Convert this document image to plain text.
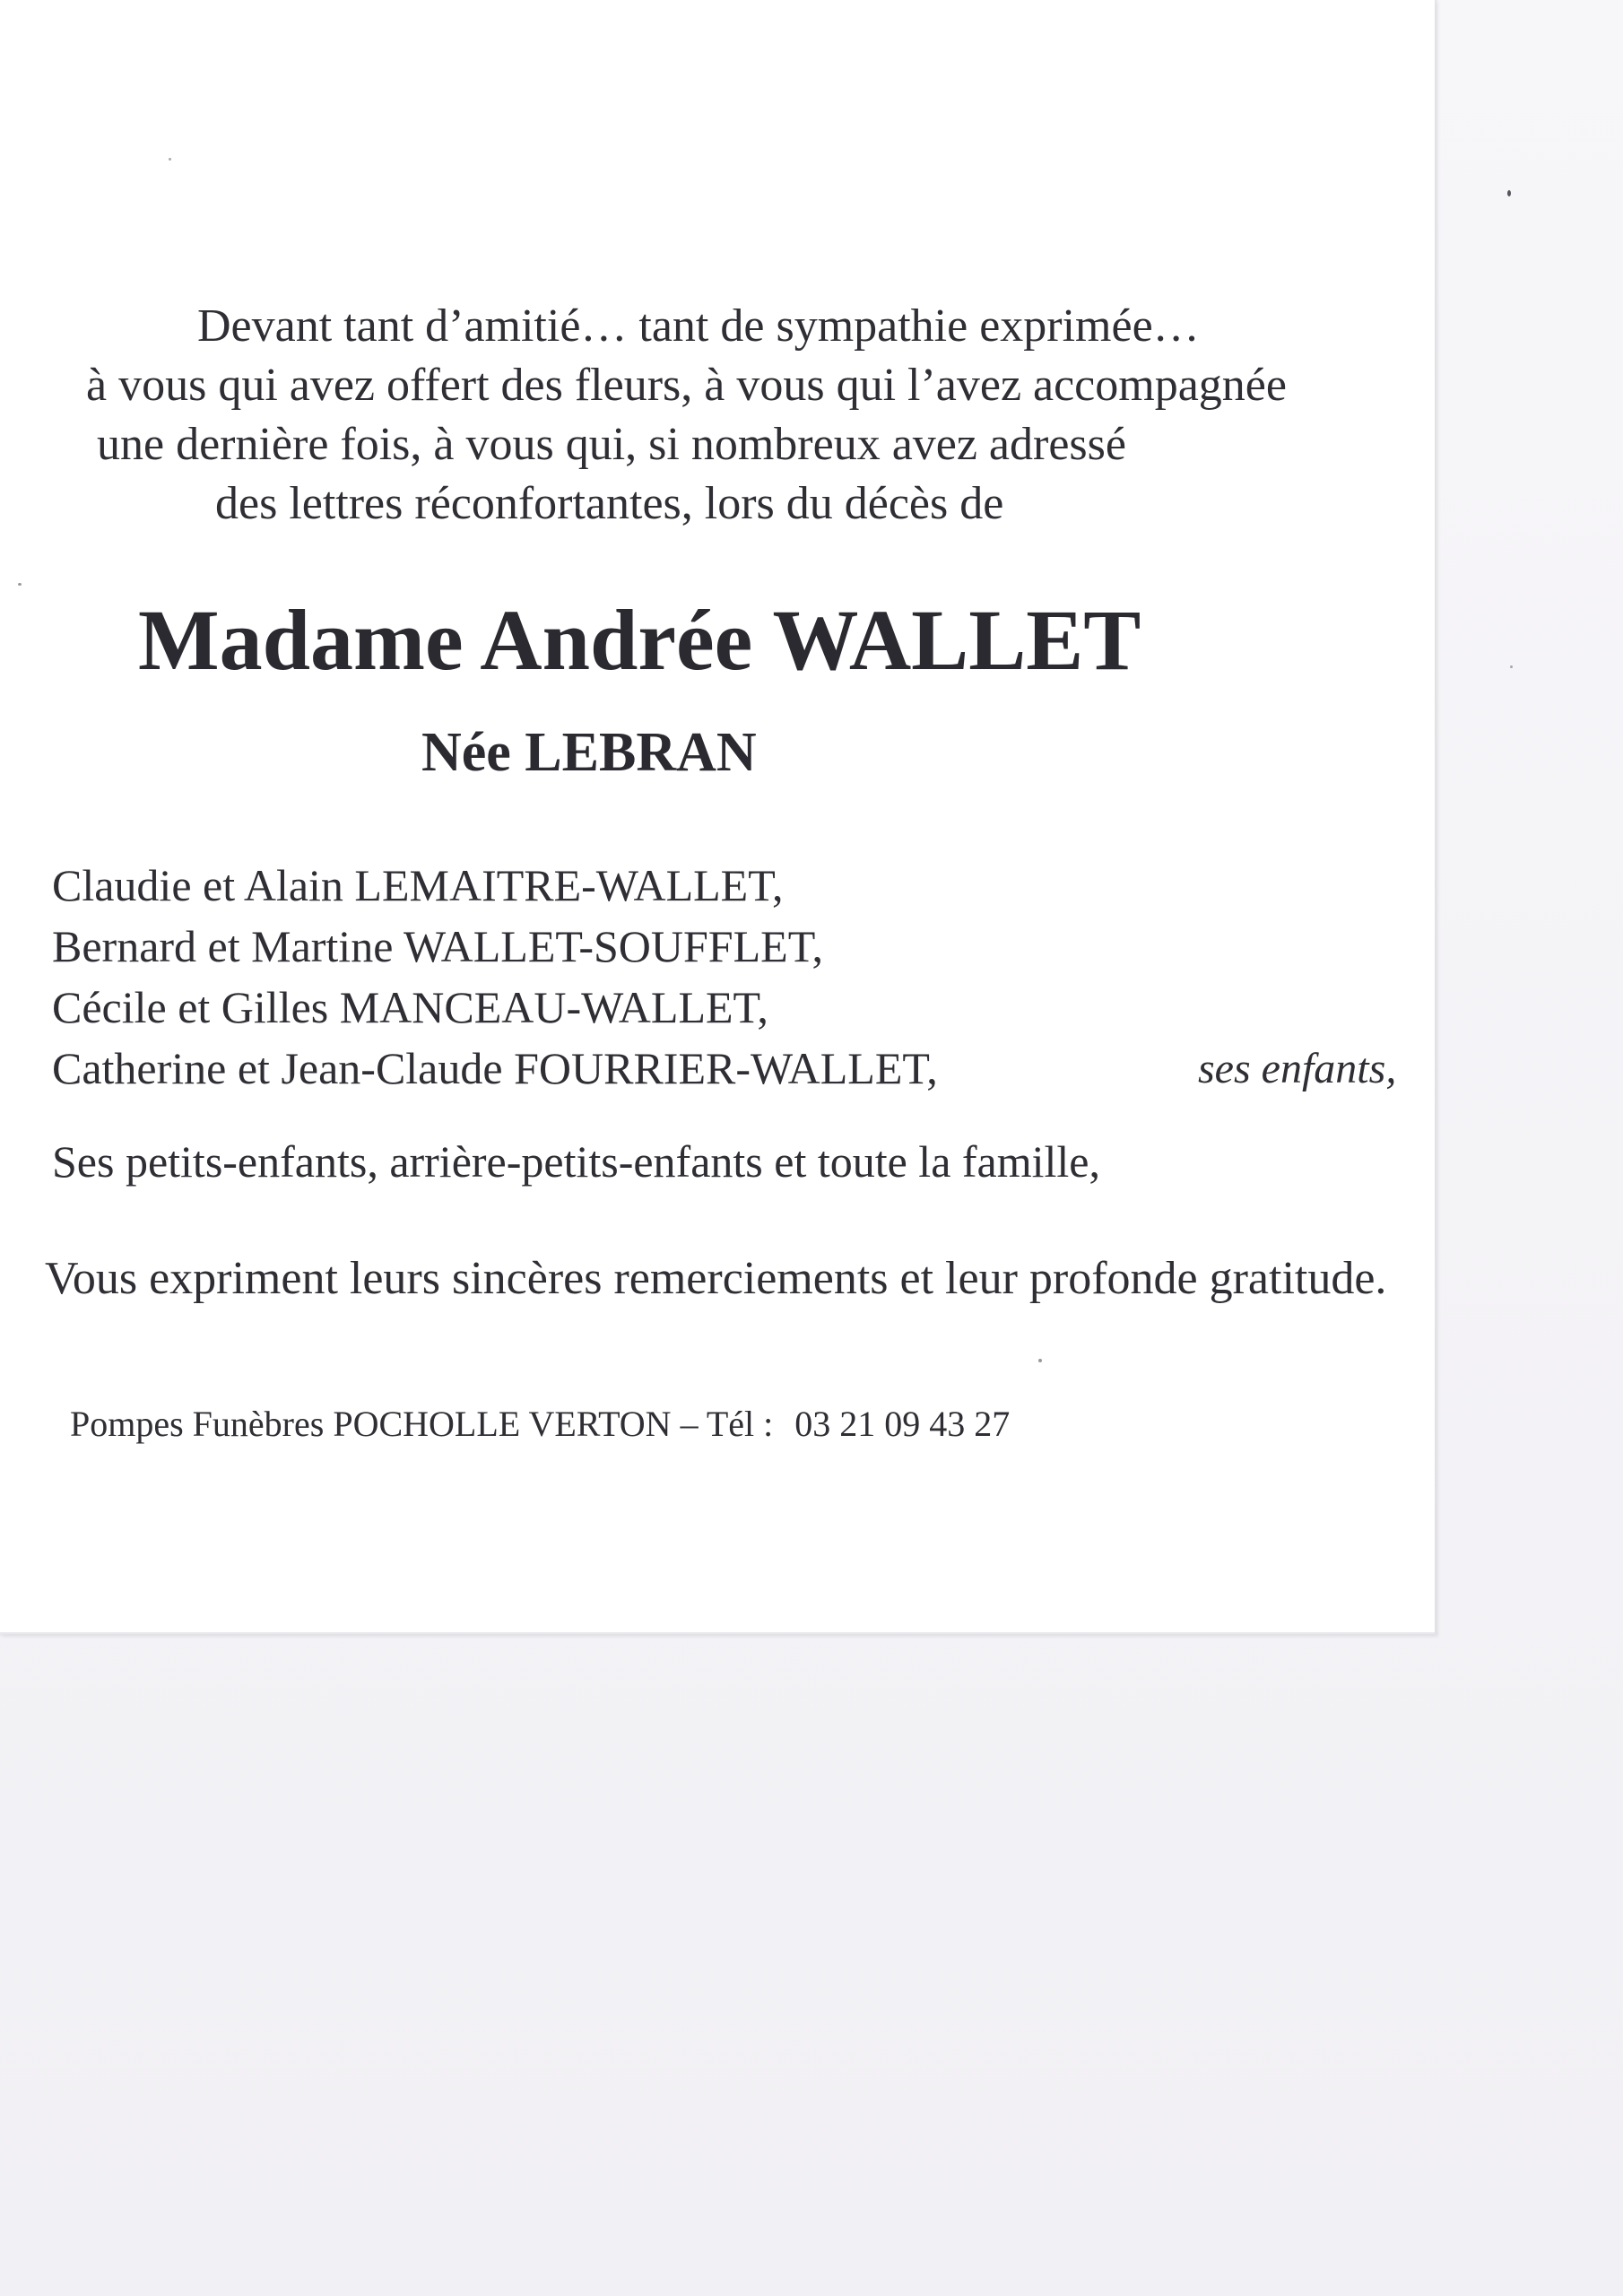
Devant tant d’amitié… tant de sympathie exprimée…
à vous qui avez offert des fleurs, à vous qui l’avez accompagnée
une dernière fois, à vous qui, si nombreux avez adressé
des lettres réconfortantes, lors du décès de
Madame Andrée WALLET
Née LEBRAN
Claudie et Alain LEMAITRE-WALLET,
Bernard et Martine WALLET-SOUFFLET,
Cécile et Gilles MANCEAU-WALLET,
Catherine et Jean-Claude FOURRIER-WALLET,	ses enfants,
Ses petits-enfants, arrière-petits-enfants et toute la famille,
Vous expriment leurs sincères remerciements et leur profonde gratitude.
Pompes Funèbres POCHOLLE VERTON – Tél : 03 21 09 43 27
